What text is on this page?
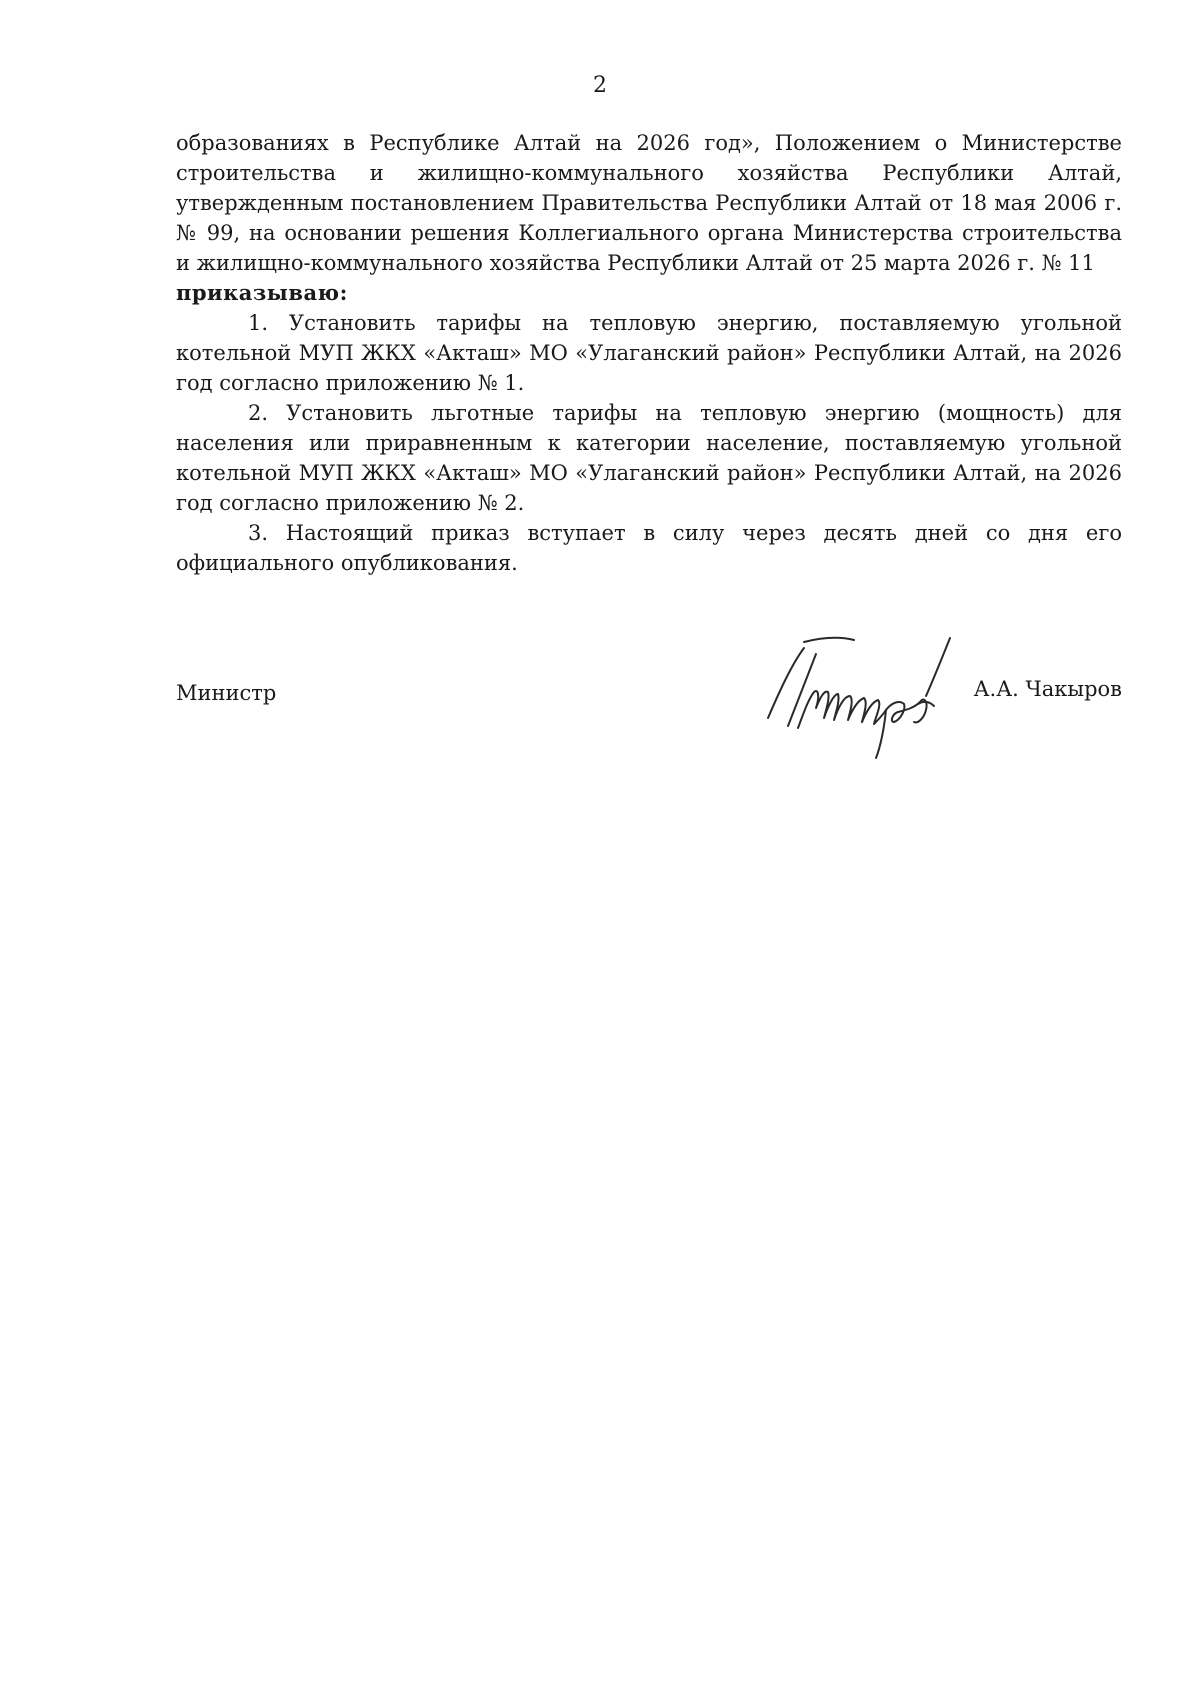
2

образованиях в Республике Алтай на 2026 год», Положением о Министерстве строительства и жилищно-коммунального хозяйства Республики Алтай, утвержденным постановлением Правительства Республики Алтай от 18 мая 2006 г. № 99, на основании решения Коллегиального органа Министерства строительства и жилищно-коммунального хозяйства Республики Алтай от 25 марта 2026 г. № 11

приказываю:

1. Установить тарифы на тепловую энергию, поставляемую угольной котельной МУП ЖКХ «Акташ» МО «Улаганский район» Республики Алтай, на 2026 год согласно приложению № 1.

2. Установить льготные тарифы на тепловую энергию (мощность) для населения или приравненным к категории население, поставляемую угольной котельной МУП ЖКХ «Акташ» МО «Улаганский район» Республики Алтай, на 2026 год согласно приложению № 2.

3. Настоящий приказ вступает в силу через десять дней со дня его официального опубликования.

Министр	А.А. Чакыров
